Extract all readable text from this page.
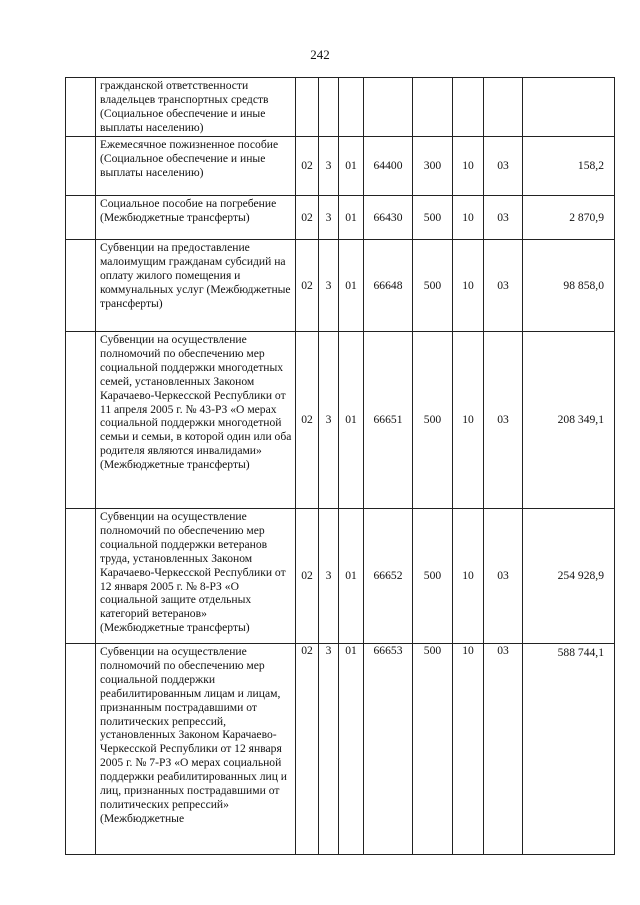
242
	гражданской ответственности владельцев транспортных средств (Социальное обеспечение и иные выплаты населению)								
	Ежемесячное пожизненное пособие (Социальное обеспечение и иные выплаты населению)	02	3	01	64400	300	10	03	158,2
	Социальное пособие на погребение (Межбюджетные трансферты)	02	3	01	66430	500	10	03	2 870,9
	Субвенции на предоставление малоимущим гражданам субсидий на оплату жилого помещения и коммунальных услуг (Межбюджетные трансферты)	02	3	01	66648	500	10	03	98 858,0
	Субвенции на осуществление полномочий по обеспечению мер социальной поддержки многодетных семей, установленных Законом Карачаево-Черкесской Республики от 11 апреля 2005 г. № 43-РЗ «О мерах социальной поддержки многодетной семьи и семьи, в которой один или оба родителя являются инвалидами» (Межбюджетные трансферты)	02	3	01	66651	500	10	03	208 349,1
	Субвенции на осуществление полномочий по обеспечению мер социальной поддержки ветеранов труда, установленных Законом Карачаево-Черкесской Республики от 12 января 2005 г. № 8-РЗ «О социальной защите отдельных категорий ветеранов» (Межбюджетные трансферты)	02	3	01	66652	500	10	03	254 928,9
	Субвенции на осуществление полномочий по обеспечению мер социальной поддержки реабилитированным лицам и лицам, признанным пострадавшими от политических репрессий, установленных Законом Карачаево-Черкесской Республики от 12 января 2005 г. № 7-РЗ «О мерах социальной поддержки реабилитированных лиц и лиц, признанных пострадавшими от политических репрессий» (Межбюджетные	02	3	01	66653	500	10	03	588 744,1
